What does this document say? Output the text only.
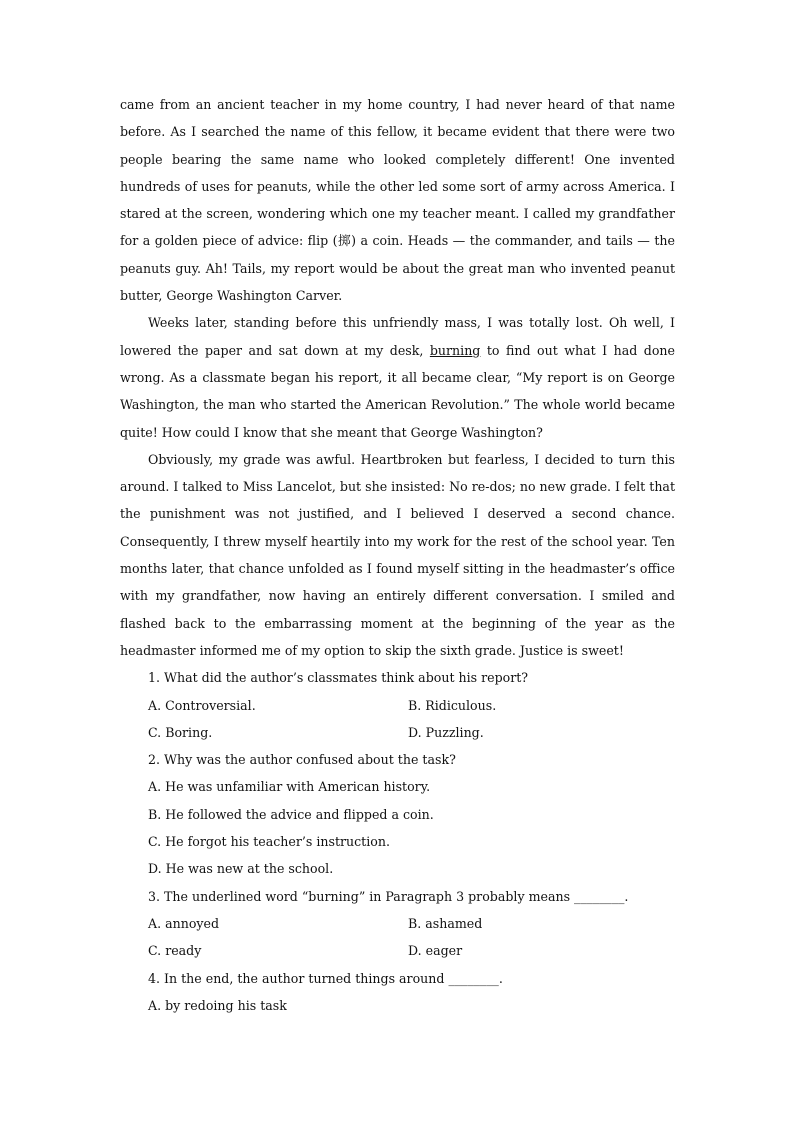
came from an ancient teacher in my home country, I had never heard of that name before. As I searched the name of this fellow, it became evident that there were two people bearing the same name who looked completely different! One invented hundreds of uses for peanuts, while the other led some sort of army across America. I stared at the screen, wondering which one my teacher meant. I called my grandfather for a golden piece of advice: flip (掷) a coin. Heads — the commander, and tails — the peanuts guy. Ah! Tails, my report would be about the great man who invented peanut butter, George Washington Carver.

Weeks later, standing before this unfriendly mass, I was totally lost. Oh well, I lowered the paper and sat down at my desk, burning to find out what I had done wrong. As a classmate began his report, it all became clear, “My report is on George Washington, the man who started the American Revolution.” The whole world became quite! How could I know that she meant that George Washington?

Obviously, my grade was awful. Heartbroken but fearless, I decided to turn this around. I talked to Miss Lancelot, but she insisted: No re-dos; no new grade. I felt that the punishment was not justified, and I believed I deserved a second chance. Consequently, I threw myself heartily into my work for the rest of the school year. Ten months later, that chance unfolded as I found myself sitting in the headmaster’s office with my grandfather, now having an entirely different conversation. I smiled and flashed back to the embarrassing moment at the beginning of the year as the headmaster informed me of my option to skip the sixth grade. Justice is sweet!

1. What did the author’s classmates think about his report?
A. Controversial.	B. Ridiculous.
C. Boring.	D. Puzzling.
2. Why was the author confused about the task?
A. He was unfamiliar with American history.
B. He followed the advice and flipped a coin.
C. He forgot his teacher’s instruction.
D. He was new at the school.
3. The underlined word “burning” in Paragraph 3 probably means ________.
A. annoyed	B. ashamed
C. ready	D. eager
4. In the end, the author turned things around ________.
A. by redoing his task
